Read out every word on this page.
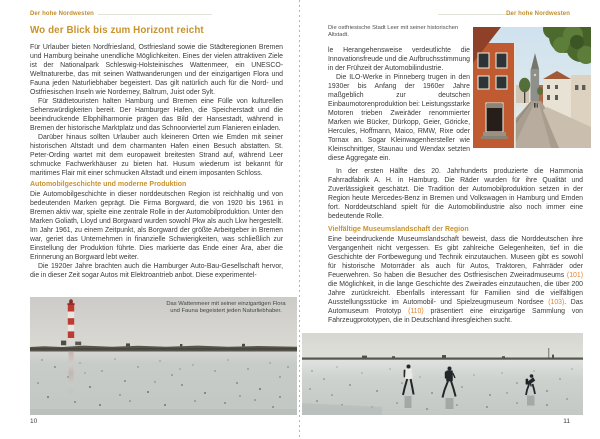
Der hohe Nordwesten
Wo der Blick bis zum Horizont reicht

Für Urlauber bieten Nordfriesland, Ostfriesland sowie die Städteregionen Bremen und Hamburg beinahe unendliche Möglichkeiten. Eines der vielen attraktiven Ziele ist der Nationalpark Schleswig-Holsteinisches Wattenmeer, ein UNESCO-Weltnaturerbe, das mit seinen Wattwanderungen und der einzigartigen Flora und Fauna jeden Naturliebhaber begeistert. Das gilt natürlich auch für die Nord- und Ostfriesischen Inseln wie Norderney, Baltrum, Juist oder Sylt.

Für Städtetouristen halten Hamburg und Bremen eine Fülle von kulturellen Sehenswürdigkeiten bereit. Der Hamburger Hafen, die Speicherstadt und die beeindruckende Elbphilharmonie prägen das Bild der Hansestadt, während in Bremen der historische Marktplatz und das Schnoorviertel zum Flanieren einladen.

Darüber hinaus sollten Urlauber auch kleineren Orten wie Emden mit seiner historischen Altstadt und dem charmanten Hafen einen Besuch abstatten. St. Peter-Ording wartet mit dem europaweit breitesten Strand auf, während Leer schmucke Fachwerkhäuser zu bieten hat. Husum wiederum ist bekannt für maritimes Flair mit einer schmucken Altstadt und einem imposanten Schloss.

Automobilgeschichte und moderne Produktion

Die Automobilgeschichte in dieser norddeutschen Region ist reichhaltig und von bedeutenden Marken geprägt. Die Firma Borgward, die von 1920 bis 1961 in Bremen aktiv war, spielte eine zentrale Rolle in der Automobilproduktion. Unter den Marken Goliath, Lloyd und Borgward wurden sowohl Pkw als auch Lkw hergestellt. Im Jahr 1961, zu einem Zeitpunkt, als Borgward der größte Arbeitgeber in Bremen war, geriet das Unternehmen in finanzielle Schwierigkeiten, was schließlich zur Einstellung der Produktion führte. Dies markierte das Ende einer Ära, aber die Erinnerung an Borgward lebt weiter.

Die 1920er Jahre brachten auch die Hamburger Auto-Bau-Gesellschaft hervor, die in dieser Zeit sogar Autos mit Elektroantrieb anbot. Diese experimentel-

Das Wattenmeer mit seiner einzigartigen Flora und Fauna begeistert jeden Naturliebhaber.
10
Der hohe Nordwesten
Die ostfriesische Stadt Leer mit seiner historischen Altstadt.

le Herangehensweise verdeutlichte die Innovationsfreude und die Aufbruchsstimmung in der Frühzeit der Automobilindustrie.

Die ILO-Werke in Pinneberg trugen in den 1930er bis Anfang der 1960er Jahre maßgeblich zur deutschen Einbaumotorenproduktion bei: Leistungsstarke Motoren trieben Zweiräder renommierter Marken wie Bücker, Dürkopp, Geier, Göricke, Hercules, Hoffmann, Maico, RMW, Rixe oder Tornax an. Sogar Kleinwagenhersteller wie Kleinschnittger, Staunau und Wendax setzten diese Aggregate ein.

In der ersten Hälfte des 20. Jahrhunderts produzierte die Hammonia Fahrradfabrik A. H. in Hamburg. Die Räder wurden für ihre Qualität und Zuverlässigkeit geschätzt. Die Tradition der Automobilproduktion setzen in der Region heute Mercedes-Benz in Bremen und Volkswagen in Hamburg und Emden fort. Norddeutschland spielt für die Automobilindustrie also noch immer eine bedeutende Rolle.

Vielfältige Museumslandschaft der Region

Eine beeindruckende Museumslandschaft beweist, dass die Norddeutschen ihre Vergangenheit nicht vergessen. Es gibt zahlreiche Gelegenheiten, tief in die Geschichte der Fortbewegung und Technik einzutauchen. Museen gibt es sowohl für historische Motorräder als auch für Autos, Traktoren, Fahrräder oder Feuerwehren. So haben die Besucher des Ostfriesischen Zweiradmuseums (101) die Möglichkeit, in die lange Geschichte des Zweirades einzutauchen, die über 200 Jahre zurückreicht. Ebenfalls interessant für Familien sind die vielfältigen Ausstellungsstücke im Automobil- und Spielzeugmuseum Nordsee (103). Das Automuseum Prototyp (110) präsentiert eine einzigartige Sammlung von Fahrzeugprototypen, die in Deutschland ihresgleichen sucht.

11
